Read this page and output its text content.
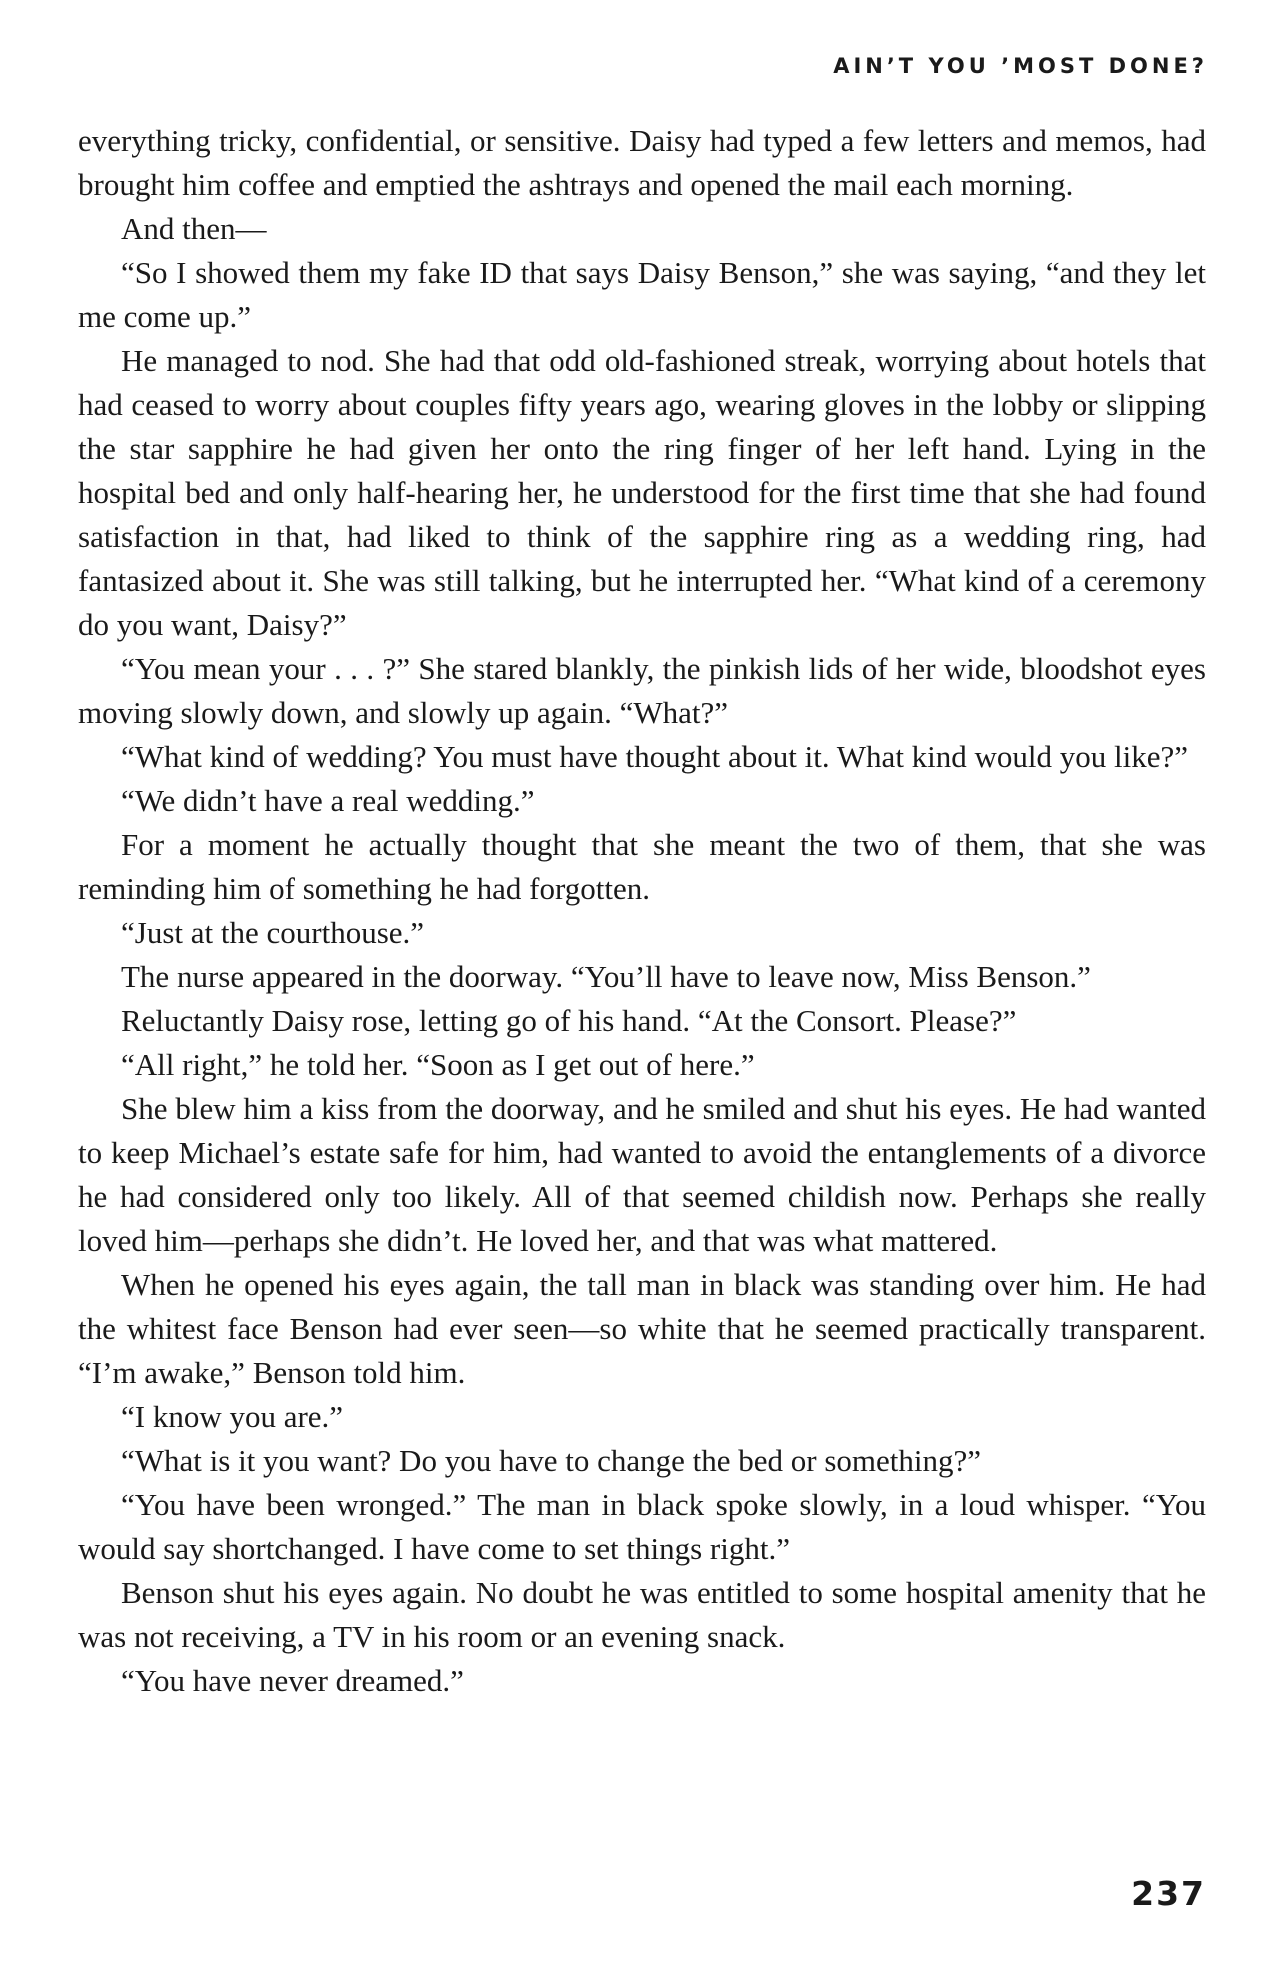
AIN’T YOU ’MOST DONE?

everything tricky, confidential, or sensitive. Daisy had typed a few letters and memos, had brought him coffee and emptied the ashtrays and opened the mail each morning.

And then—

“So I showed them my fake ID that says Daisy Benson,” she was saying, “and they let me come up.”

He managed to nod. She had that odd old-fashioned streak, worrying about hotels that had ceased to worry about couples fifty years ago, wearing gloves in the lobby or slipping the star sapphire he had given her onto the ring finger of her left hand. Lying in the hospital bed and only half-hearing her, he understood for the first time that she had found satisfaction in that, had liked to think of the sapphire ring as a wedding ring, had fantasized about it. She was still talking, but he interrupted her. “What kind of a ceremony do you want, Daisy?”

“You mean your . . . ?” She stared blankly, the pinkish lids of her wide, bloodshot eyes moving slowly down, and slowly up again. “What?”

“What kind of wedding? You must have thought about it. What kind would you like?”

“We didn’t have a real wedding.”

For a moment he actually thought that she meant the two of them, that she was reminding him of something he had forgotten.

“Just at the courthouse.”

The nurse appeared in the doorway. “You’ll have to leave now, Miss Benson.”

Reluctantly Daisy rose, letting go of his hand. “At the Consort. Please?”

“All right,” he told her. “Soon as I get out of here.”

She blew him a kiss from the doorway, and he smiled and shut his eyes. He had wanted to keep Michael’s estate safe for him, had wanted to avoid the entanglements of a divorce he had considered only too likely. All of that seemed childish now. Perhaps she really loved him—perhaps she didn’t. He loved her, and that was what mattered.

When he opened his eyes again, the tall man in black was standing over him. He had the whitest face Benson had ever seen—so white that he seemed practically transparent. “I’m awake,” Benson told him.

“I know you are.”

“What is it you want? Do you have to change the bed or something?”

“You have been wronged.” The man in black spoke slowly, in a loud whisper. “You would say shortchanged. I have come to set things right.”

Benson shut his eyes again. No doubt he was entitled to some hospital amenity that he was not receiving, a TV in his room or an evening snack.

“You have never dreamed.”

237
